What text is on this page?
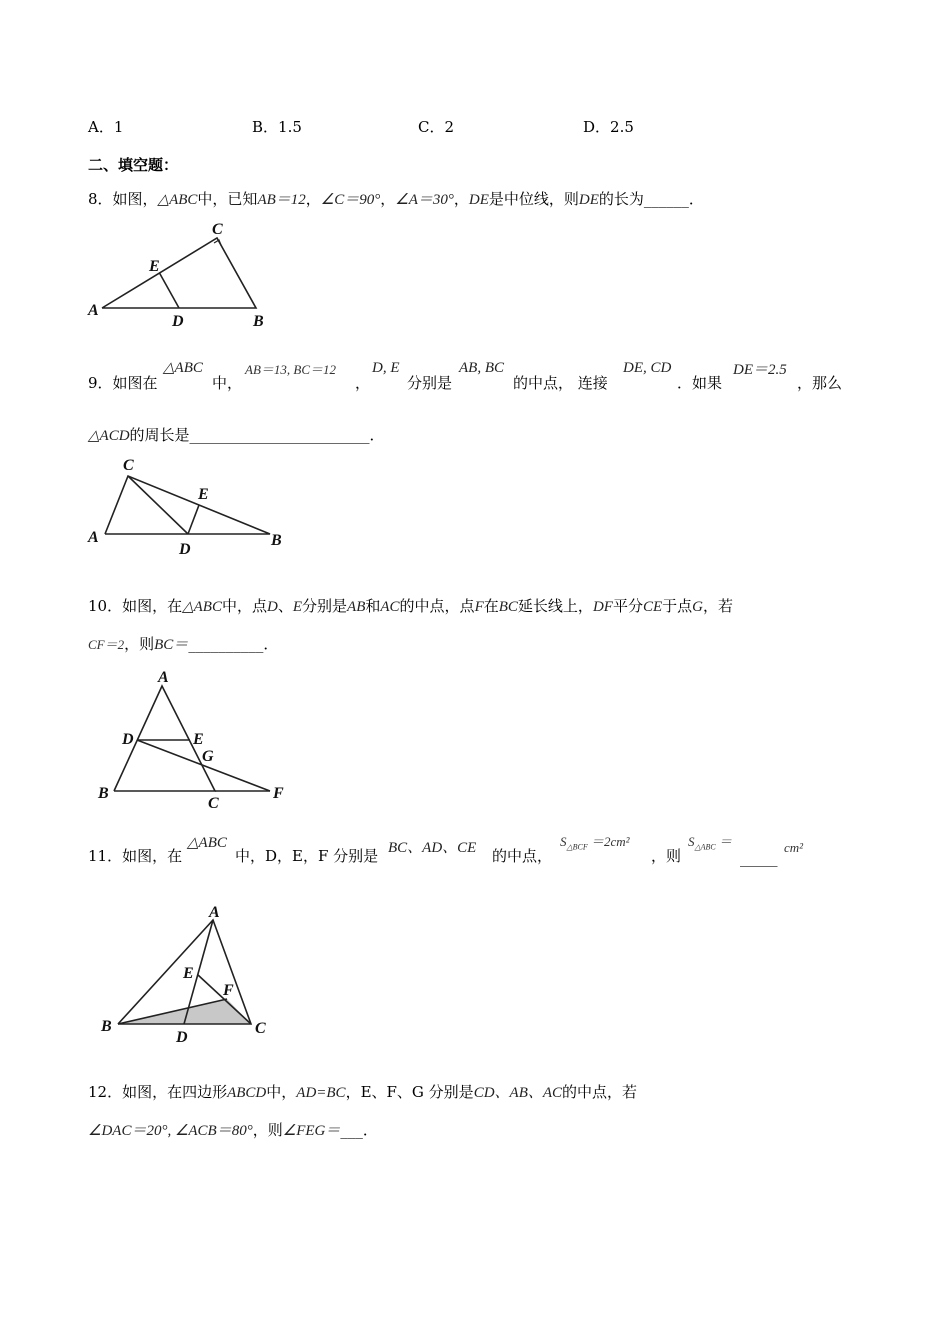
A．1	B．1.5	C．2	D．2.5
二、填空题：
8．如图，△ABC中，已知AB＝12，∠C＝90°，∠A＝30°，DE是中位线，则DE的长为______．
A
B
C
D
E
9．如图在
△ABC
中，
AB＝13, BC＝12
，
D, E
分别是
AB, BC
的中点， 连接
DE, CD
．如果
DE＝2.5
，那么
△ACD的周长是________________________．
A	B
C
D
E
10．如图，在△ABC中，点D、E分别是AB和AC的中点，点F在BC延长线上，DF平分CE于点G，若
CF＝2，则BC＝__________．
A
B
C
D	E
F
G
11．如图，在
△ABC
中，D，E，F 分别是 BC、AD、CE 的中点，
$S_{\triangle BCF} =2cm^2$
，则
$S_{\triangle ABC}$ ＝
_____
cm²
A
B	C
D
E
F
12．如图，在四边形ABCD中，AD=BC，E、F、G 分别是CD、AB、AC的中点，若
∠DAC＝20°, ∠ACB＝80°，则∠FEG＝___．
